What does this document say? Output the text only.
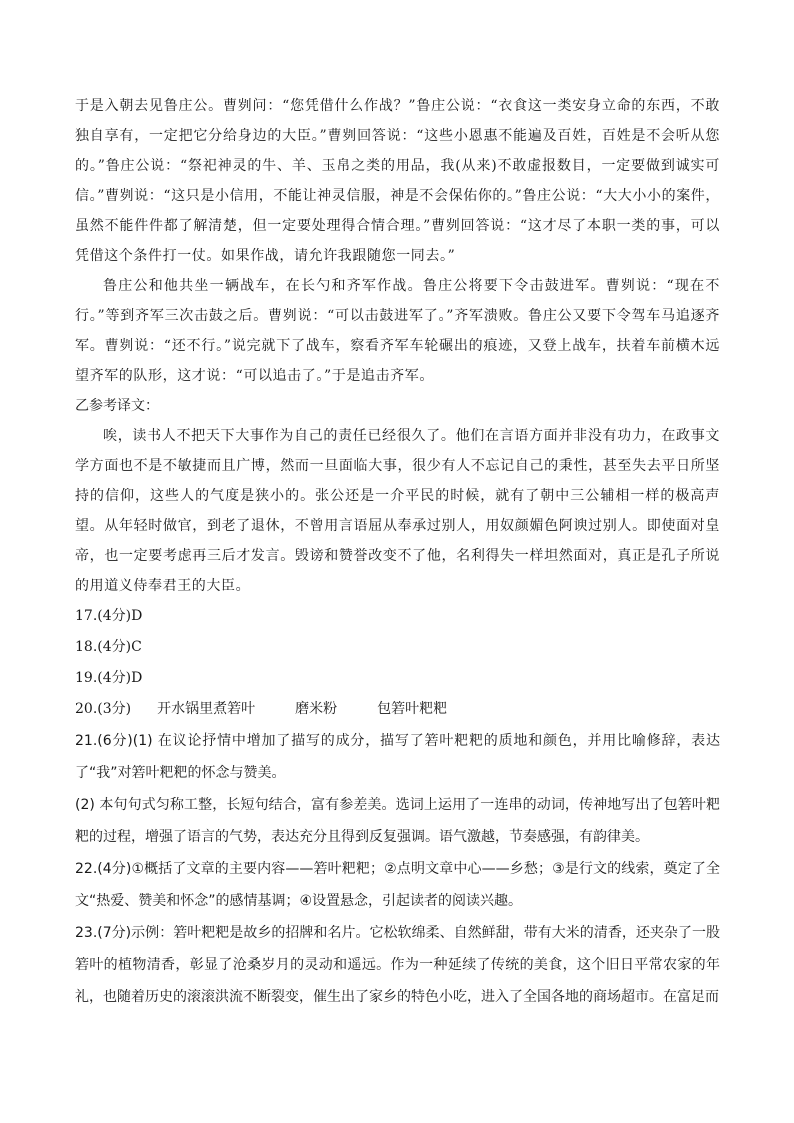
于是入朝去见鲁庄公。曹刿问：“您凭借什么作战？”鲁庄公说：“衣食这一类安身立命的东西，不敢独自享有，一定把它分给身边的大臣。”曹刿回答说：“这些小恩惠不能遍及百姓，百姓是不会听从您的。”鲁庄公说：“祭祀神灵的牛、羊、玉帛之类的用品，我(从来)不敢虚报数目，一定要做到诚实可信。”曹刿说：“这只是小信用，不能让神灵信服，神是不会保佑你的。”鲁庄公说：“大大小小的案件，虽然不能件件都了解清楚，但一定要处理得合情合理。”曹刿回答说：“这才尽了本职一类的事，可以凭借这个条件打一仗。如果作战，请允许我跟随您一同去。”

鲁庄公和他共坐一辆战车，在长勺和齐军作战。鲁庄公将要下令击鼓进军。曹刿说：“现在不行。”等到齐军三次击鼓之后。曹刿说：“可以击鼓进军了。”齐军溃败。鲁庄公又要下令驾车马追逐齐军。曹刿说：“还不行。”说完就下了战车，察看齐军车轮碾出的痕迹，又登上战车，扶着车前横木远望齐军的队形，这才说：“可以追击了。”于是追击齐军。

乙参考译文：

唉，读书人不把天下大事作为自己的责任已经很久了。他们在言语方面并非没有功力，在政事文学方面也不是不敏捷而且广博，然而一旦面临大事，很少有人不忘记自己的秉性，甚至失去平日所坚持的信仰，这些人的气度是狭小的。张公还是一介平民的时候，就有了朝中三公辅相一样的极高声望。从年轻时做官，到老了退休，不曾用言语屈从奉承过别人，用奴颜媚色阿谀过别人。即使面对皇帝，也一定要考虑再三后才发言。毁谤和赞誉改变不了他，名利得失一样坦然面对，真正是孔子所说的用道义侍奉君王的大臣。

17.(4分)D

18.(4分)C

19.(4分)D

20.(3分) 开水锅里煮箬叶	磨米粉	包箬叶粑粑

21.(6分)(1) 在议论抒情中增加了描写的成分，描写了箬叶粑粑的质地和颜色，并用比喻修辞，表达了“我”对箬叶粑粑的怀念与赞美。

(2) 本句句式匀称工整，长短句结合，富有参差美。选词上运用了一连串的动词，传神地写出了包箬叶粑粑的过程，增强了语言的气势，表达充分且得到反复强调。语气激越，节奏感强，有韵律美。

22.(4分)①概括了文章的主要内容——箬叶粑粑；②点明文章中心——乡愁；③是行文的线索，奠定了全文“热爱、赞美和怀念”的感情基调；④设置悬念，引起读者的阅读兴趣。

23.(7分)示例：箬叶粑粑是故乡的招牌和名片。它松软绵柔、自然鲜甜，带有大米的清香，还夹杂了一股箬叶的植物清香，彰显了沧桑岁月的灵动和遥远。作为一种延续了传统的美食，这个旧日平常农家的年礼，也随着历史的滚滚洪流不断裂变，催生出了家乡的特色小吃，进入了全国各地的商场超市。在富足而
